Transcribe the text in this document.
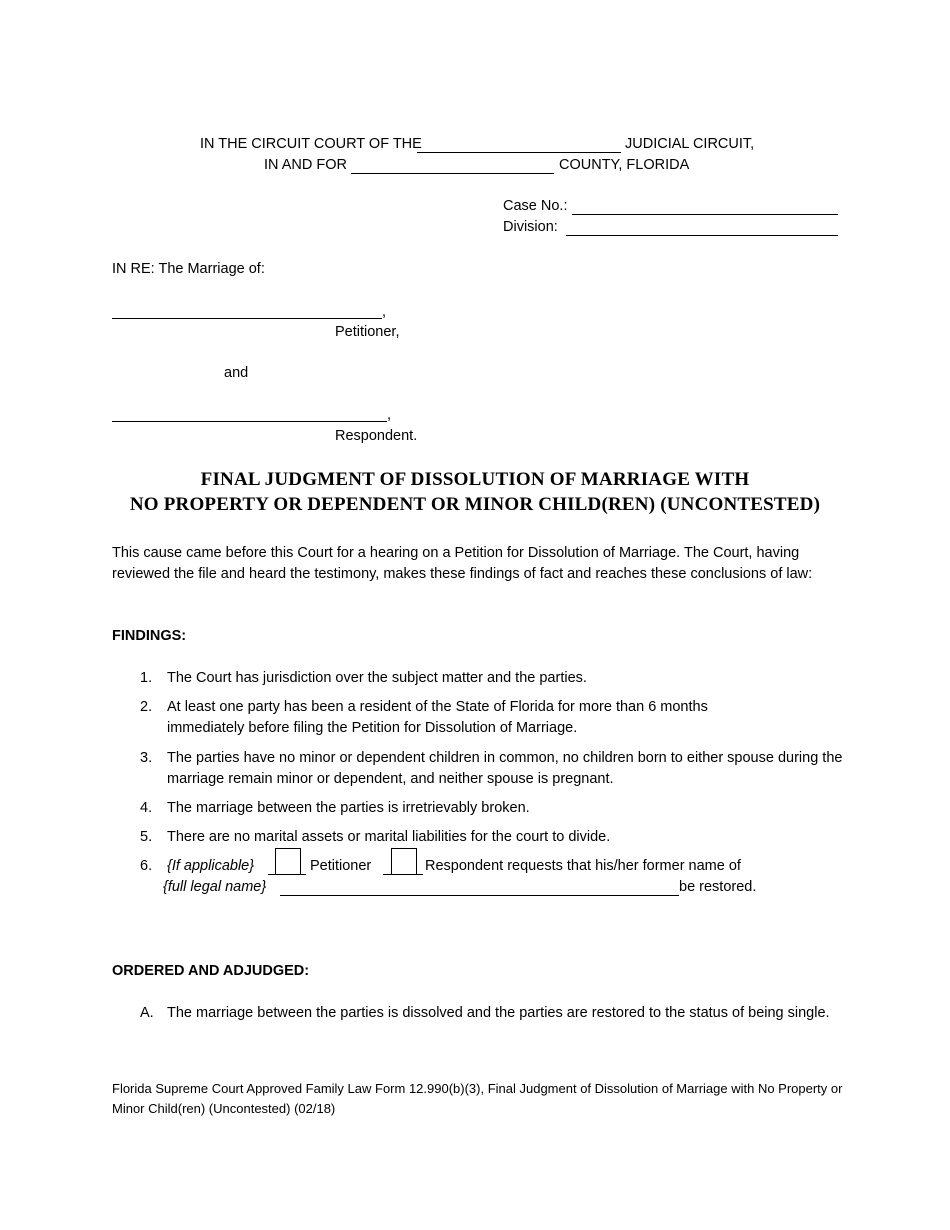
IN THE CIRCUIT COURT OF THE	JUDICIAL CIRCUIT,
IN AND FOR	COUNTY, FLORIDA
Case No.:
Division:
IN RE: The Marriage of:
,
Petitioner,
and
,
Respondent.
FINAL JUDGMENT OF DISSOLUTION OF MARRIAGE WITH
NO PROPERTY OR DEPENDENT OR MINOR CHILD(REN) (UNCONTESTED)
This cause came before this Court for a hearing on a Petition for Dissolution of Marriage. The Court, having reviewed the file and heard the testimony, makes these findings of fact and reaches these conclusions of law:
FINDINGS:
1.	The Court has jurisdiction over the subject matter and the parties.
2.	At least one party has been a resident of the State of Florida for more than 6 months immediately before filing the Petition for Dissolution of Marriage.
3.	The parties have no minor or dependent children in common, no children born to either spouse during the marriage remain minor or dependent, and neither spouse is pregnant.
4.	The marriage between the parties is irretrievably broken.
5.	There are no marital assets or marital liabilities for the court to divide.
6.	{If applicable}	Petitioner	Respondent requests that his/her former name of
{full legal name}	be restored.
ORDERED AND ADJUDGED:
A. The marriage between the parties is dissolved and the parties are restored to the status of being single.
Florida Supreme Court Approved Family Law Form 12.990(b)(3), Final Judgment of Dissolution of Marriage with No Property or Minor Child(ren) (Uncontested) (02/18)
